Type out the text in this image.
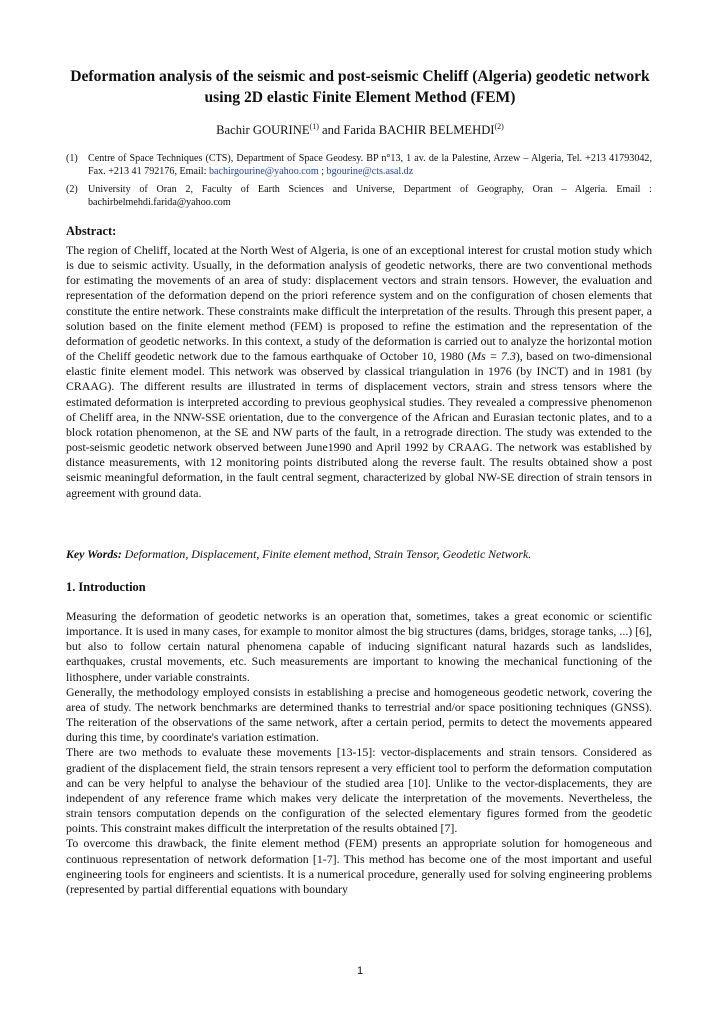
Deformation analysis of the seismic and post-seismic Cheliff (Algeria) geodetic network using 2D elastic Finite Element Method (FEM)
Bachir GOURINE$^{(1)}$ and Farida BACHIR BELMEHDI$^{(2)}$
(1)	Centre of Space Techniques (CTS), Department of Space Geodesy. BP n°13, 1 av. de la Palestine, Arzew – Algeria, Tel. +213 41793042, Fax. +213 41 792176, Email: bachirgourine@yahoo.com ; bgourine@cts.asal.dz
(2)	University of Oran 2, Faculty of Earth Sciences and Universe, Department of Geography, Oran – Algeria. Email : bachirbelmehdi.farida@yahoo.com
Abstract:

The region of Cheliff, located at the North West of Algeria, is one of an exceptional interest for crustal motion study which is due to seismic activity. Usually, in the deformation analysis of geodetic networks, there are two conventional methods for estimating the movements of an area of study: displacement vectors and strain tensors. However, the evaluation and representation of the deformation depend on the priori reference system and on the configuration of chosen elements that constitute the entire network. These constraints make difficult the interpretation of the results. Through this present paper, a solution based on the finite element method (FEM) is proposed to refine the estimation and the representation of the deformation of geodetic networks. In this context, a study of the deformation is carried out to analyze the horizontal motion of the Cheliff geodetic network due to the famous earthquake of October 10, 1980 (Ms = 7.3), based on two-dimensional elastic finite element model. This network was observed by classical triangulation in 1976 (by INCT) and in 1981 (by CRAAG). The different results are illustrated in terms of displacement vectors, strain and stress tensors where the estimated deformation is interpreted according to previous geophysical studies. They revealed a compressive phenomenon of Cheliff area, in the NNW-SSE orientation, due to the convergence of the African and Eurasian tectonic plates, and to a block rotation phenomenon, at the SE and NW parts of the fault, in a retrograde direction. The study was extended to the post-seismic geodetic network observed between June1990 and April 1992 by CRAAG. The network was established by distance measurements, with 12 monitoring points distributed along the reverse fault. The results obtained show a post seismic meaningful deformation, in the fault central segment, characterized by global NW-SE direction of strain tensors in agreement with ground data.

Key Words: Deformation, Displacement, Finite element method, Strain Tensor, Geodetic Network.
1. Introduction

Measuring the deformation of geodetic networks is an operation that, sometimes, takes a great economic or scientific importance. It is used in many cases, for example to monitor almost the big structures (dams, bridges, storage tanks, ...) [6], but also to follow certain natural phenomena capable of inducing significant natural hazards such as landslides, earthquakes, crustal movements, etc. Such measurements are important to knowing the mechanical functioning of the lithosphere, under variable constraints.

Generally, the methodology employed consists in establishing a precise and homogeneous geodetic network, covering the area of study. The network benchmarks are determined thanks to terrestrial and/or space positioning techniques (GNSS). The reiteration of the observations of the same network, after a certain period, permits to detect the movements appeared during this time, by coordinate's variation estimation.

There are two methods to evaluate these movements [13-15]: vector-displacements and strain tensors. Considered as gradient of the displacement field, the strain tensors represent a very efficient tool to perform the deformation computation and can be very helpful to analyse the behaviour of the studied area [10]. Unlike to the vector-displacements, they are independent of any reference frame which makes very delicate the interpretation of the movements. Nevertheless, the strain tensors computation depends on the configuration of the selected elementary figures formed from the geodetic points. This constraint makes difficult the interpretation of the results obtained [7].

To overcome this drawback, the finite element method (FEM) presents an appropriate solution for homogeneous and continuous representation of network deformation [1-7]. This method has become one of the most important and useful engineering tools for engineers and scientists. It is a numerical procedure, generally used for solving engineering problems (represented by partial differential equations with boundary

1
